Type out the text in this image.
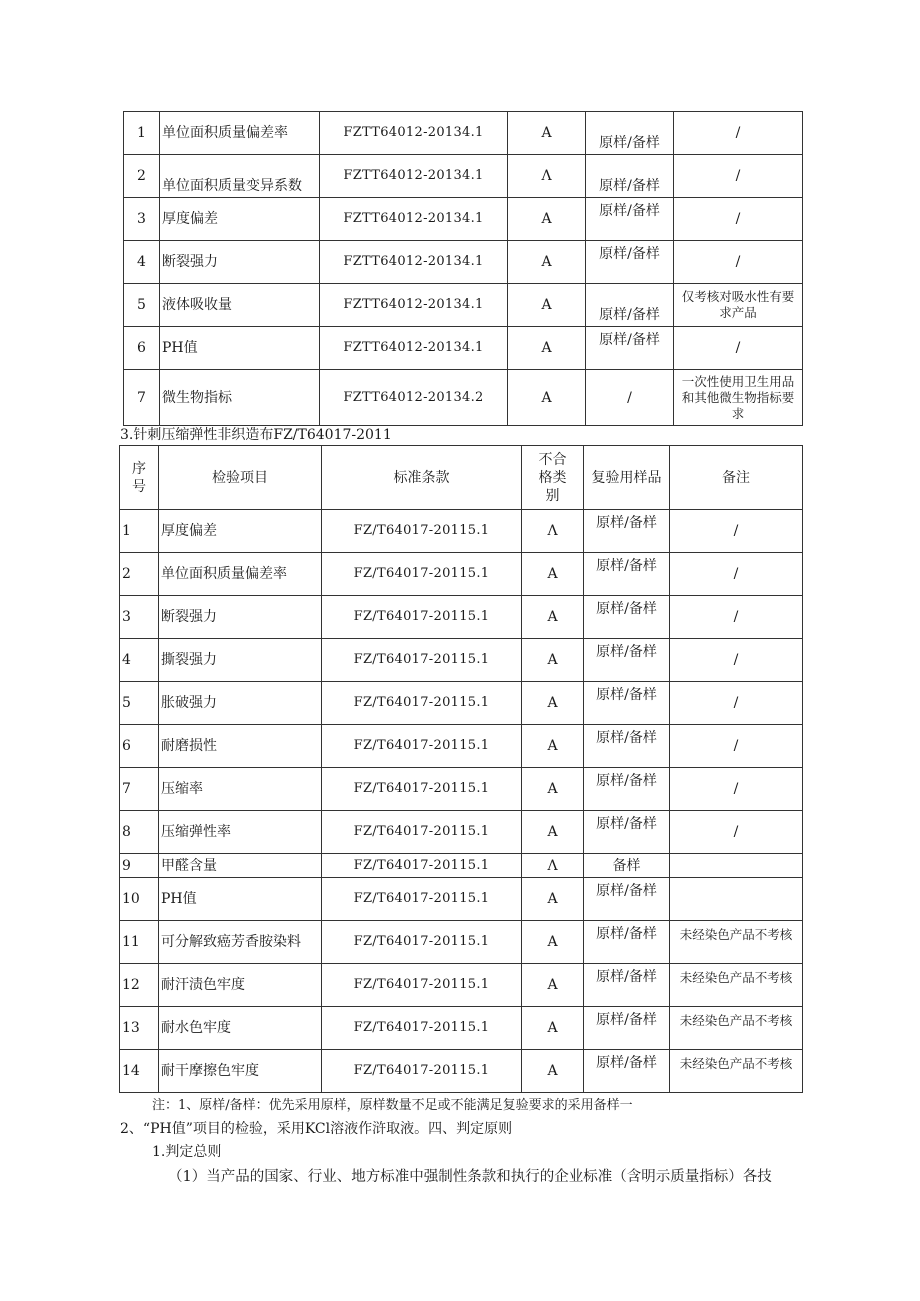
1	单位面积质量偏差率	FZTT64012-20134.1	A	原样/备样	/
2	单位面积质量变异系数	FZTT64012-20134.1	Λ	原样/备样	/
3	厚度偏差	FZTT64012-20134.1	A	原样/备样	/
4	断裂强力	FZTT64012-20134.1	A	原样/备样	/
5	液体吸收量	FZTT64012-20134.1	A	原样/备样	仅考核对吸水性有要求产品
6	PH值	FZTT64012-20134.1	A	原样/备样	/
7	微生物指标	FZTT64012-20134.2	A	/	一次性使用卫生用品和其他微生物指标要求
3.针刺压缩弹性非织造布FZ/T64017-2011
序号	检验项目	标准条款	不合格类别	复验用样品	备注
1	厚度偏差	FZ/T64017-20115.1	Λ	原样/备样	/
2	单位面积质量偏差率	FZ/T64017-20115.1	A	原样/备样	/
3	断裂强力	FZ/T64017-20115.1	A	原样/备样	/
4	撕裂强力	FZ/T64017-20115.1	A	原样/备样	/
5	胀破强力	FZ/T64017-20115.1	A	原样/备样	/
6	耐磨损性	FZ/T64017-20115.1	A	原样/备样	/
7	压缩率	FZ/T64017-20115.1	A	原样/备样	/
8	压缩弹性率	FZ/T64017-20115.1	A	原样/备样	/
9	甲醛含量	FZ/T64017-20115.1	Λ	备样	
10	PH值	FZ/T64017-20115.1	A	原样/备样	
11	可分解致癌芳香胺染料	FZ/T64017-20115.1	A	原样/备样	未经染色产品不考核
12	耐汗渍色牢度	FZ/T64017-20115.1	A	原样/备样	未经染色产品不考核
13	耐水色牢度	FZ/T64017-20115.1	A	原样/备样	未经染色产品不考核
14	耐干摩擦色牢度	FZ/T64017-20115.1	A	原样/备样	未经染色产品不考核
注：1、原样/备样：优先采用原样，原样数量不足或不能满足复验要求的采用备样一
2、“PH值”项目的检验，采用KCl溶液作浒取液。四、判定原则
1.判定总则
（1）当产品的国家、行业、地方标准中强制性条款和执行的企业标准（含明示质量指标）各技
